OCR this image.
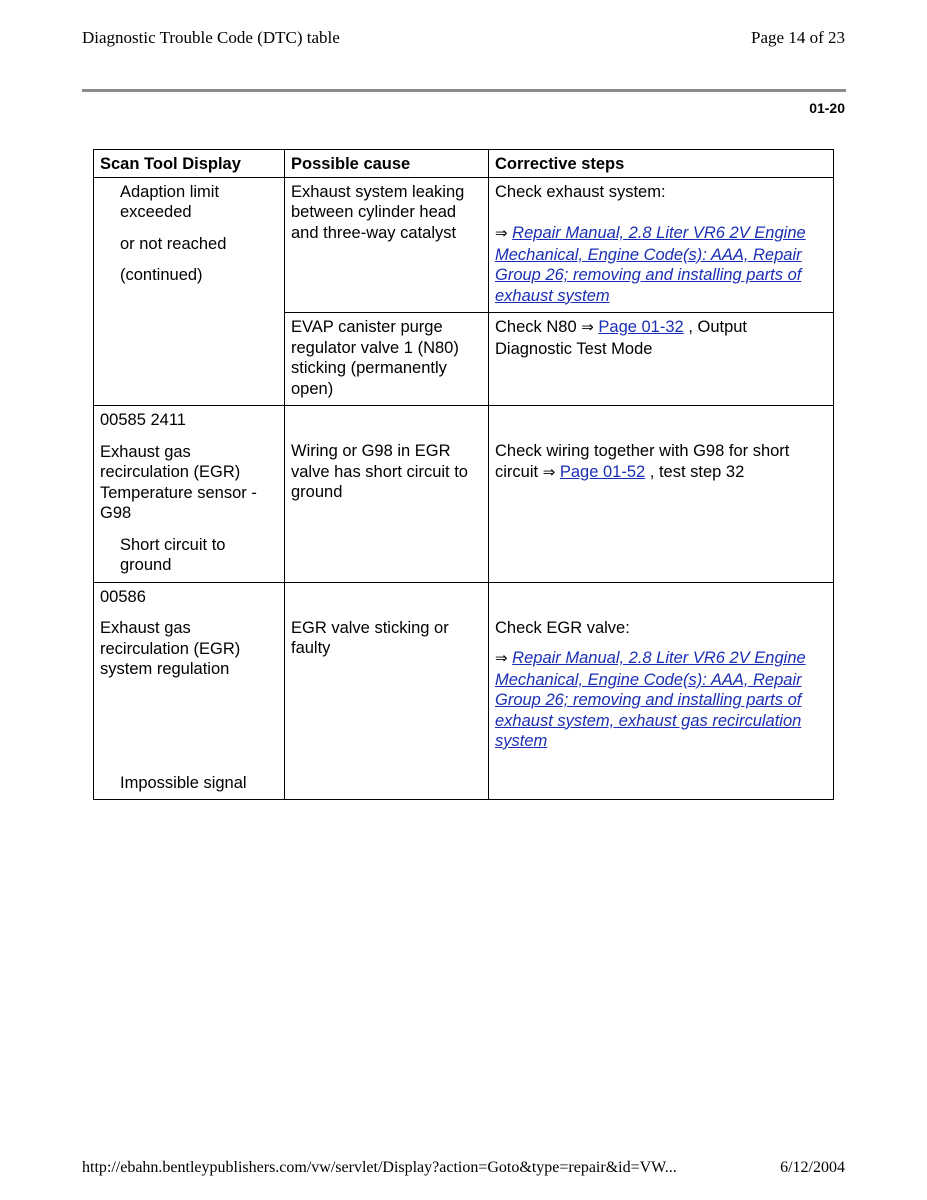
Diagnostic Trouble Code (DTC) table	Page 14 of 23
01-20
Scan Tool Display	Possible cause	Corrective steps

Adaption limit exceeded
or not reached
(continued)	Exhaust system leaking between cylinder head and three-way catalyst	Check exhaust system:
⇒ Repair Manual, 2.8 Liter VR6 2V Engine Mechanical, Engine Code(s): AAA, Repair Group 26; removing and installing parts of exhaust system
	EVAP canister purge regulator valve 1 (N80) sticking (permanently open)	Check N80 ⇒ Page 01-32 , Output Diagnostic Test Mode

00585 2411
Exhaust gas recirculation (EGR) Temperature sensor - G98
Short circuit to ground	Wiring or G98 in EGR valve has short circuit to ground	Check wiring together with G98 for short circuit ⇒ Page 01-52 , test step 32

00586
Exhaust gas recirculation (EGR) system regulation
Impossible signal	EGR valve sticking or faulty	Check EGR valve:
⇒ Repair Manual, 2.8 Liter VR6 2V Engine Mechanical, Engine Code(s): AAA, Repair Group 26; removing and installing parts of exhaust system, exhaust gas recirculation system
http://ebahn.bentleypublishers.com/vw/servlet/Display?action=Goto&type=repair&id=VW...	6/12/2004
